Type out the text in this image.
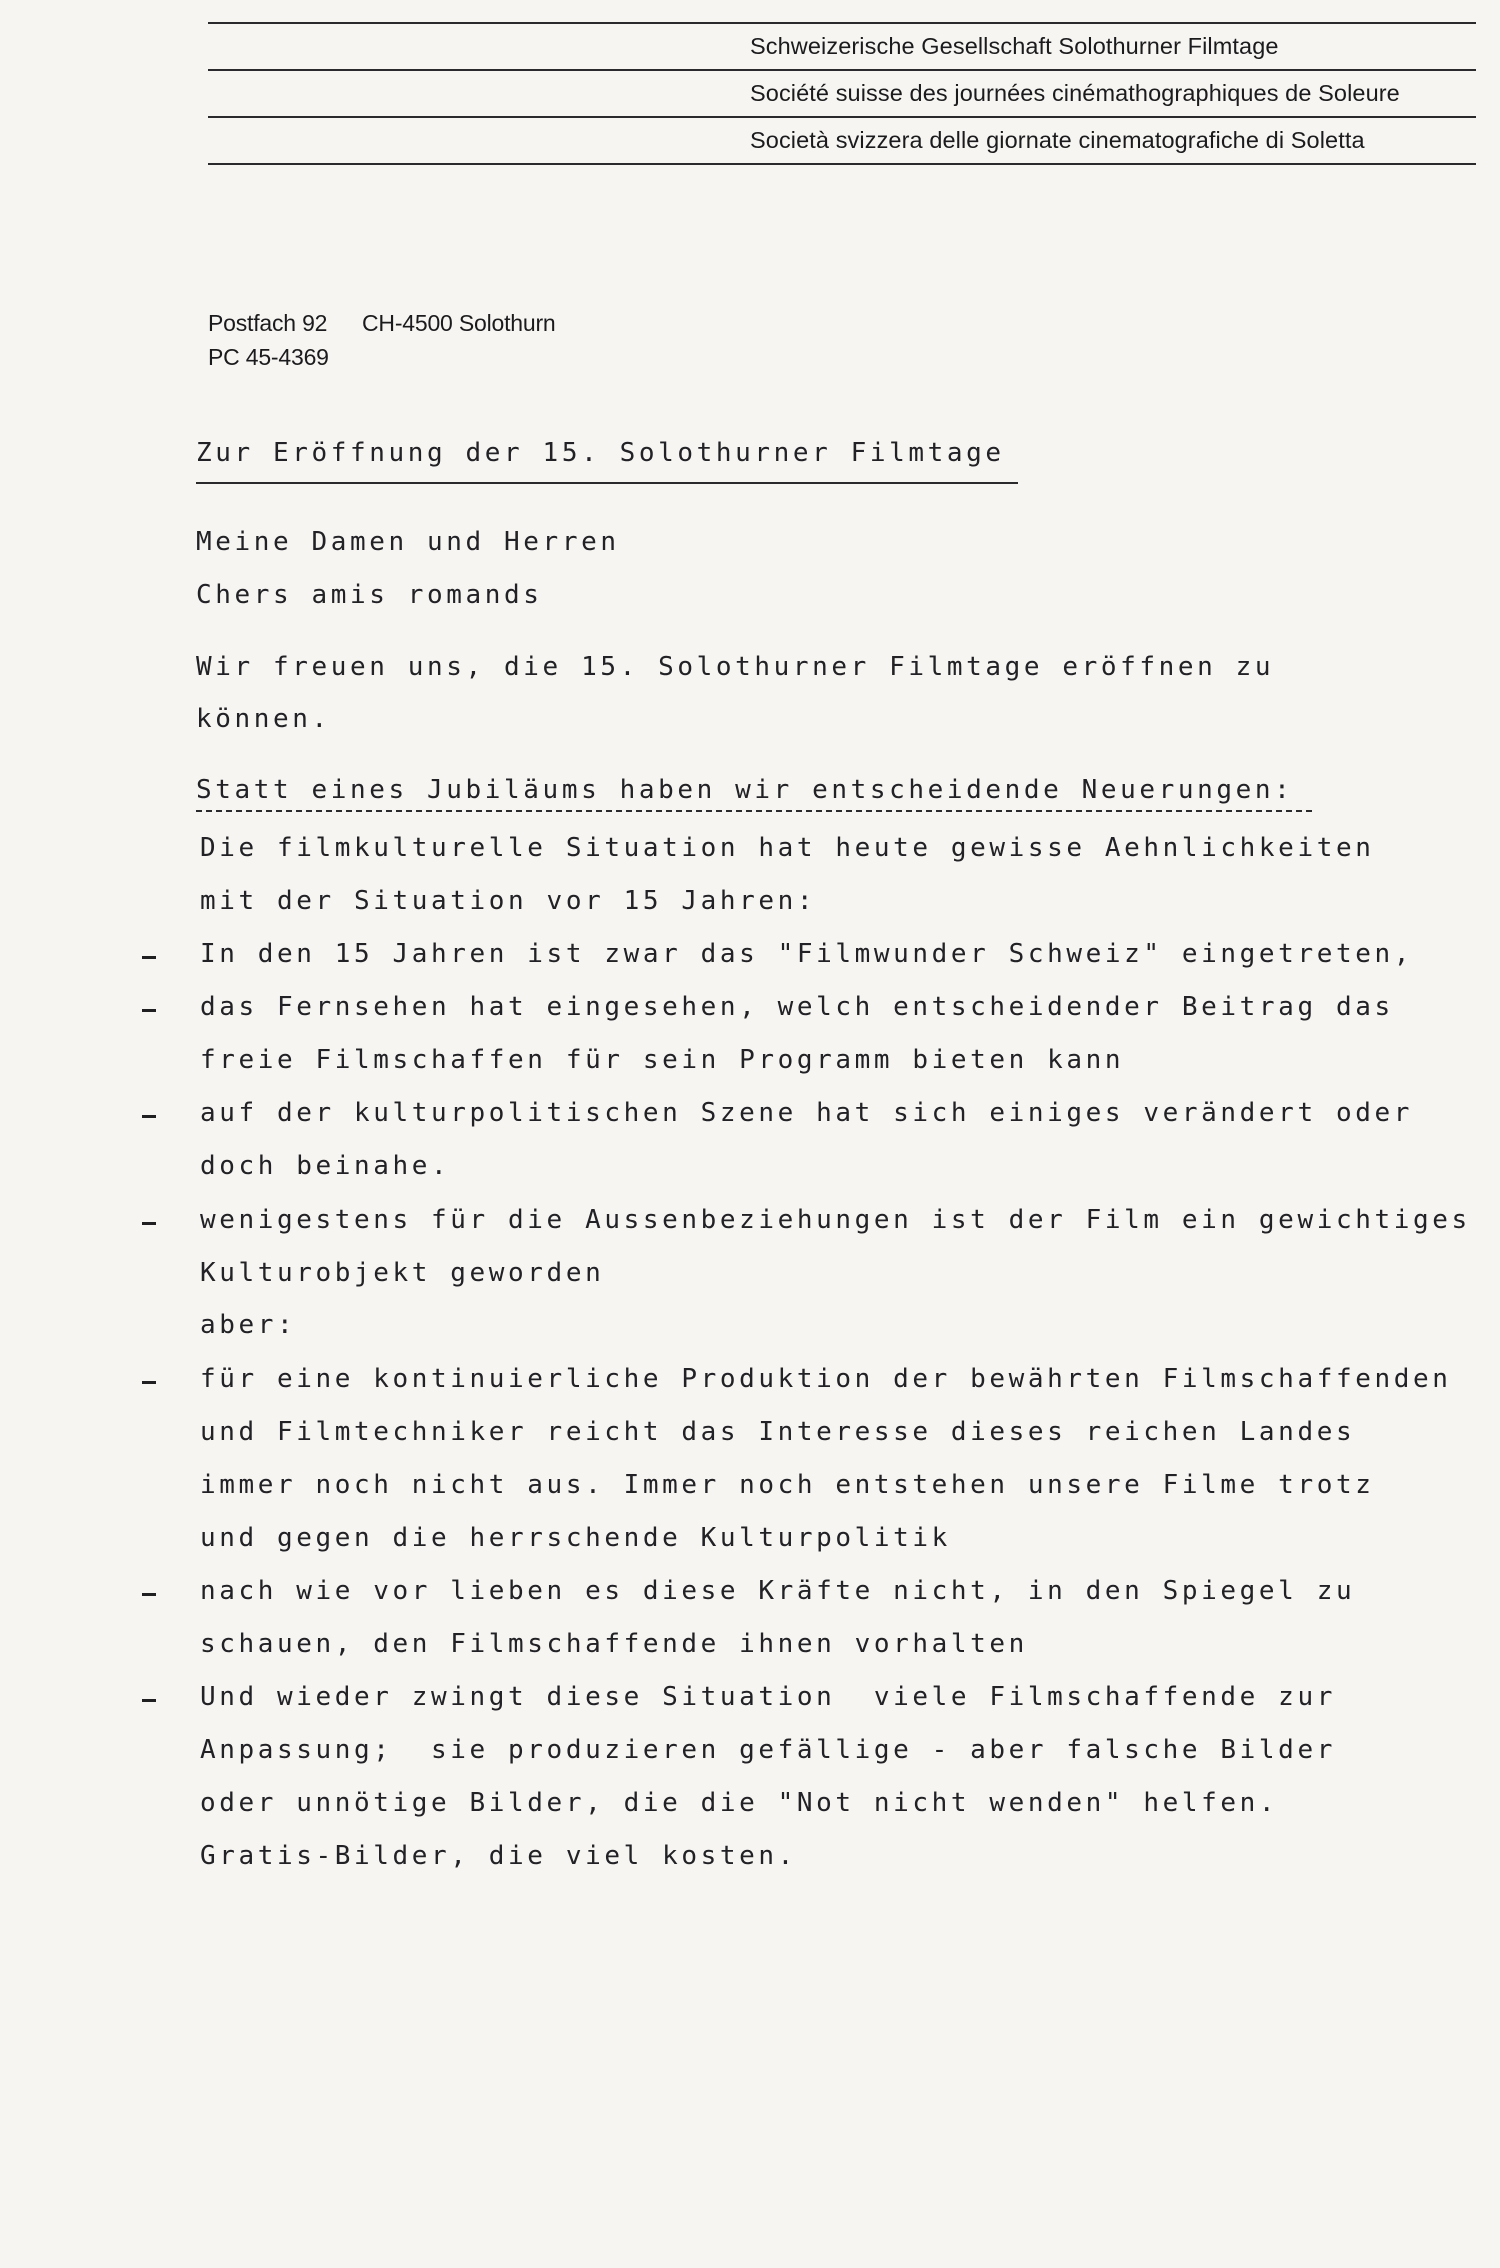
Schweizerische Gesellschaft Solothurner Filmtage
Société suisse des journées cinémathographiques de Soleure
Società svizzera delle giornate cinematografiche di Soletta
Postfach 92 CH-4500 Solothurn
PC 45-4369
Zur Eröffnung der 15. Solothurner Filmtage
Meine Damen und Herren
Chers amis romands
Wir freuen uns, die 15. Solothurner Filmtage eröffnen zu
können.
Statt eines Jubiläums haben wir entscheidende Neuerungen:
Die filmkulturelle Situation hat heute gewisse Aehnlichkeiten
mit der Situation vor 15 Jahren:
In den 15 Jahren ist zwar das "Filmwunder Schweiz" eingetreten,
das Fernsehen hat eingesehen, welch entscheidender Beitrag das
freie Filmschaffen für sein Programm bieten kann
auf der kulturpolitischen Szene hat sich einiges verändert oder
doch beinahe.
wenigestens für die Aussenbeziehungen ist der Film ein gewichtiges
Kulturobjekt geworden
aber:
für eine kontinuierliche Produktion der bewährten Filmschaffenden
und Filmtechniker reicht das Interesse dieses reichen Landes
immer noch nicht aus. Immer noch entstehen unsere Filme trotz
und gegen die herrschende Kulturpolitik
nach wie vor lieben es diese Kräfte nicht, in den Spiegel zu
schauen, den Filmschaffende ihnen vorhalten
Und wieder zwingt diese Situation  viele Filmschaffende zur
Anpassung;  sie produzieren gefällige - aber falsche Bilder
oder unnötige Bilder, die die "Not nicht wenden" helfen.
Gratis-Bilder, die viel kosten.
